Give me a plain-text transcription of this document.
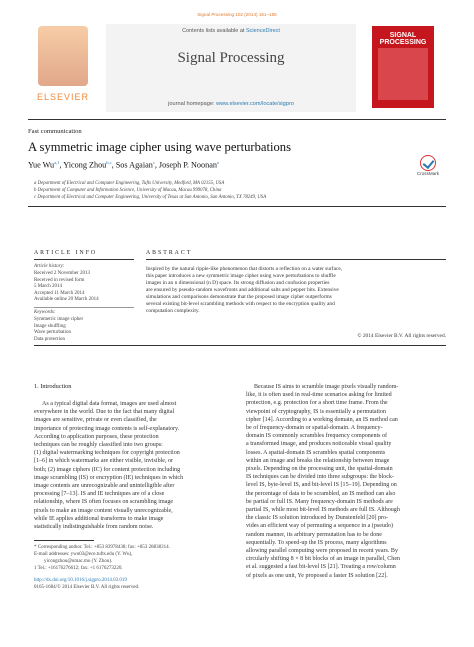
Signal Processing 102 (2014) 161–155
ELSEVIER
Contents lists available at ScienceDirect
Signal Processing
journal homepage: www.elsevier.com/locate/sigpro
SIGNAL PROCESSING
Fast communication
A symmetric image cipher using wave perturbations
Yue Wu$^{a,1}$, Yicong Zhou$^{b,c}$, Sos Agaian$^c$, Joseph P. Noonan$^a$
CrossMark
a Department of Electrical and Computer Engineering, Tufts University, Medford, MA 02155, USA
b Department of Computer and Information Science, University of Macau, Macau 999078, China
c Department of Electrical and Computer Engineering, University of Texas at San Antonio, San Antonio, TX 78249, USA
ARTICLE INFO
Article history:
Received 2 November 2013
Received in revised form
5 March 2014
Accepted 11 March 2014
Available online 20 March 2014
Keywords:
Symmetric image cipher
Image shuffling
Wave perturbation
Data protection
ABSTRACT
Inspired by the natural ripple-like phenomenon that distorts a reflection on a water surface,
this paper introduces a new symmetric image cipher using wave perturbations to shuffle
images in an n dimensional (n D) space. Its strong diffusion and confusion properties
are ensured by pseudo-random wavefronts and additional salts and pepper bits. Extensive
simulations and comparisons demonstrate that the proposed image cipher outperforms
several existing bit-level scrambling methods with respect to the encryption quality and
computation complexity.
© 2014 Elsevier B.V. All rights reserved.
1. Introduction
As a typical digital data format, images are used almost
everywhere in the world. Due to the fact that many digital
images are sensitive, private or even classified, the
importance of protecting image contents is self-explanatory.
According to application purposes, these protection
techniques can be roughly classified into two groups:
(1) digital watermarking techniques for copyright protection
[1–6] in which watermarks are either visible, invisible, or
both; (2) image ciphers (IC) for content protection including
image scrambling (IS) or encryption (IE) techniques in which
image contents are unrecognizable and unintelligible after
processing [7–13]. IS and IE techniques are of a close
relationship, where IS often focuses on scrambling image
pixels to make an image content visually unrecognizable,
while IE applies additional transforms to make image
statistically indistinguishable from random noise.
Because IS aims to scramble image pixels visually random-
like, it is often used in real-time scenarios asking for limited
protection, e.g. protection for a short time frame. From the
viewpoint of cryptography, IS is essentially a permutation
cipher [14]. According to a working domain, an IS method can
be of frequency-domain or spatial-domain. A frequency-
domain IS commonly scrambles frequency components of
a transformed image, and produces noticeable visual quality
losses. A spatial-domain IS scrambles spatial components
within an image and breaks the relationship between image
pixels. Depending on the processing unit, the spatial-domain
IS techniques can be divided into three subgroups: the block-
level IS, byte-level IS, and bit-level IS [15–19]. Depending on
the percentage of data to be scrambled, an IS method can also
be partial or full IS. Many frequency-domain IS methods are
partial IS, while most bit-level IS methods are full IS. Although
the classic IS solution introduced by Dunstenfeld [20] pro-
vides an efficient way of permuting a sequence in a (pseudo)
random manner, its arbitrary permutation has to be done
sequentially. To speed-up the IS process, many algorithms
allowing parallel computing were proposed in recent years. By
circularly shifting 8 × 8 bit blocks of an image in parallel, Chen
et al. suggested a fast bit-level IS [21]. Treating a row/column
of pixels as one unit, Ye proposed a faster IS solution [22].
* Corresponding author. Tel.: +853 83978438; fax: +853 28838314.
E-mail addresses: ywu03@ece.tufts.edu (Y. Wu),
yicongzhou@umac.mo (Y. Zhou).
1 Tel.: +16176276612; fax: +1 6176273220.
http://dx.doi.org/10.1016/j.sigpro.2014.03.019
0165-1684/© 2014 Elsevier B.V. All rights reserved.
